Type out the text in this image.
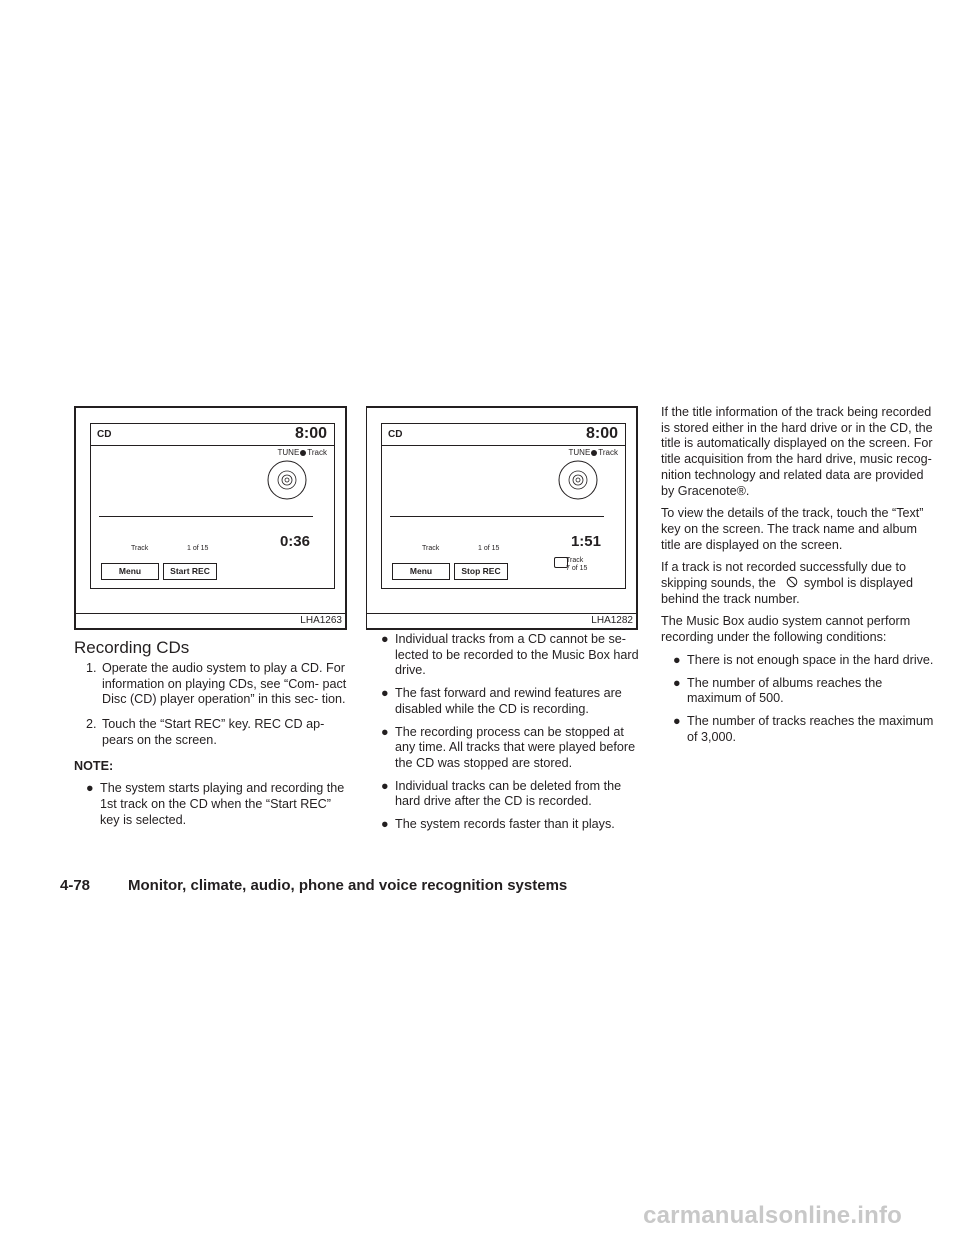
CD	8:00
TUNE Track
0:36
Track	1 of 15
Menu	Start REC
LHA1263
CD	8:00
TUNE Track
1:51
Track	1 of 15
Menu	Stop REC
Track
7 of 15
LHA1282
Recording CDs
1. Operate the audio system to play a CD. For information on playing CDs, see “Com- pact Disc (CD) player operation” in this sec- tion.

2. Touch the “Start REC” key. REC CD ap- pears on the screen.

NOTE:

● The system starts playing and recording the 1st track on the CD when the “Start REC” key is selected.

● Individual tracks from a CD cannot be se- lected to be recorded to the Music Box hard drive.

● The fast forward and rewind features are disabled while the CD is recording.

● The recording process can be stopped at any time. All tracks that were played before the CD was stopped are stored.

● Individual tracks can be deleted from the hard drive after the CD is recorded.

● The system records faster than it plays.

If the title information of the track being recorded is stored either in the hard drive or in the CD, the title is automatically displayed on the screen. For title acquisition from the hard drive, music recog- nition technology and related data are provided by Gracenote®.

To view the details of the track, touch the “Text” key on the screen. The track name and album title are displayed on the screen.

If a track is not recorded successfully due to skipping sounds, the symbol is displayed behind the track number.

The Music Box audio system cannot perform recording under the following conditions:

● There is not enough space in the hard drive.

● The number of albums reaches the maximum of 500.

● The number of tracks reaches the maximum of 3,000.

4-78	Monitor, climate, audio, phone and voice recognition systems
carmanualsonline.info
